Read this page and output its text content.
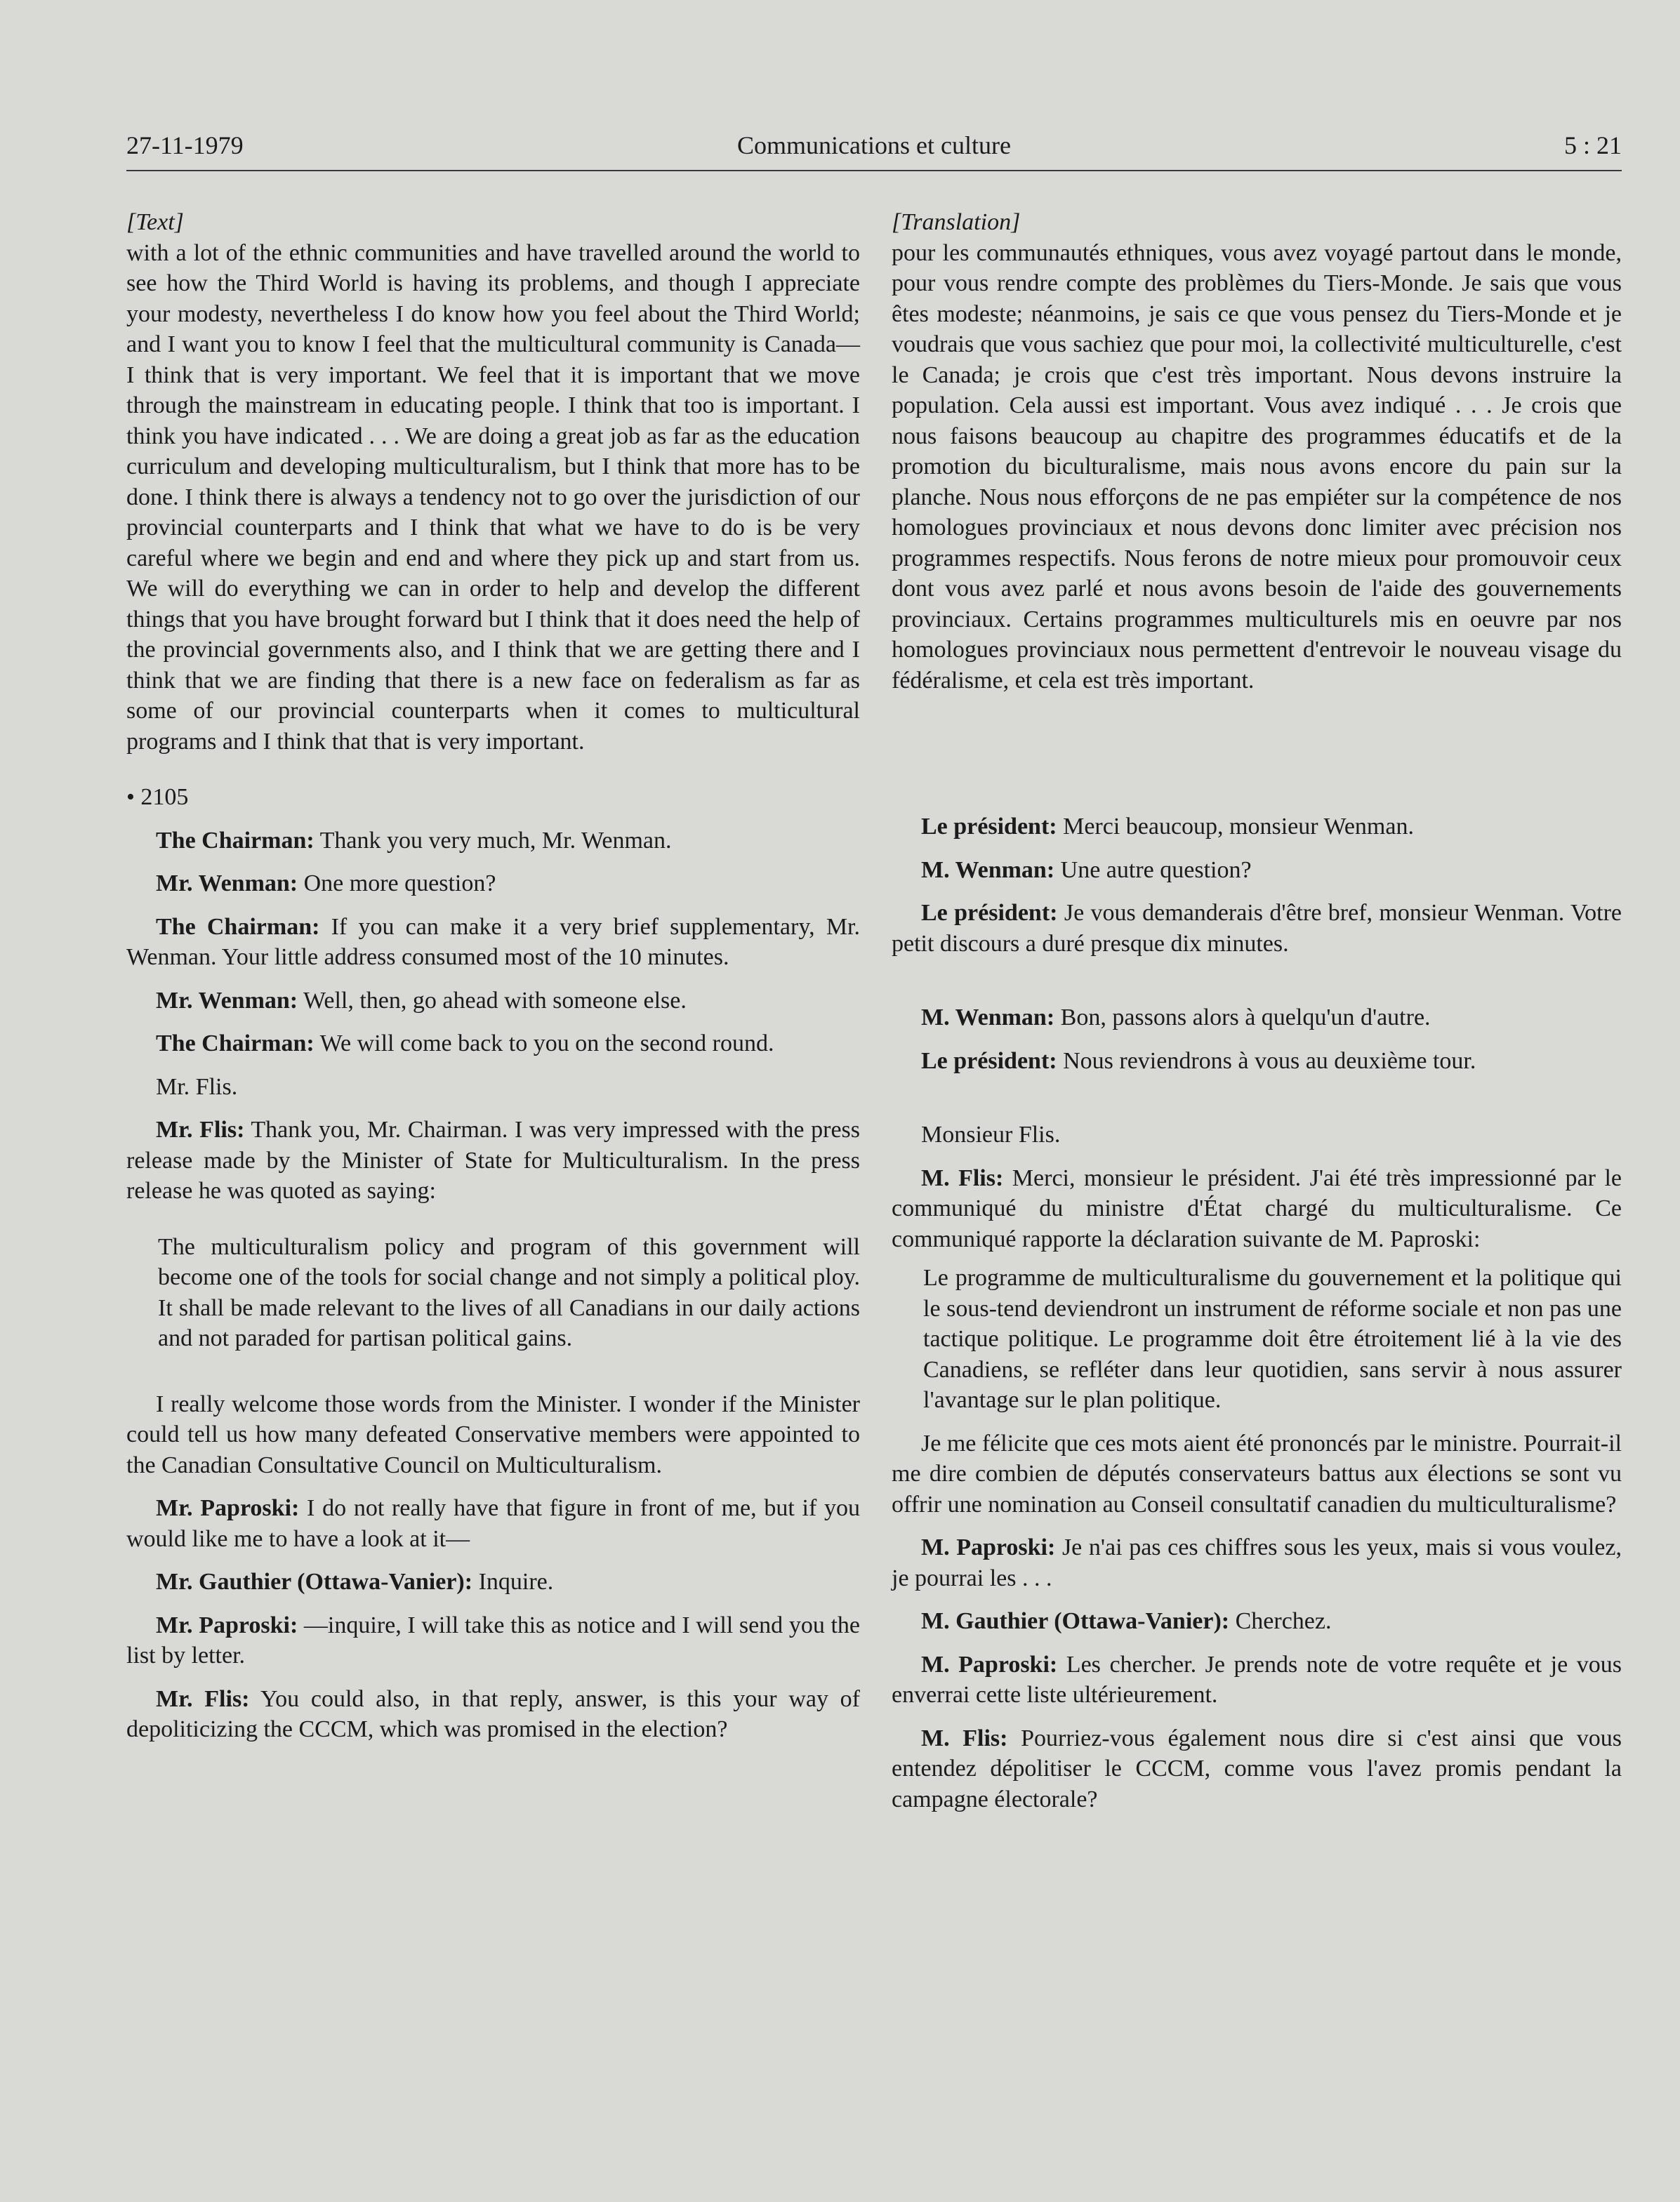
27-11-1979	Communications et culture	5 : 21

[Text]

with a lot of the ethnic communities and have travelled around the world to see how the Third World is having its problems, and though I appreciate your modesty, nevertheless I do know how you feel about the Third World; and I want you to know I feel that the multicultural community is Canada—I think that is very important. We feel that it is important that we move through the mainstream in educating people. I think that too is important. I think you have indicated . . . We are doing a great job as far as the education curriculum and developing multiculturalism, but I think that more has to be done. I think there is always a tendency not to go over the jurisdiction of our provincial counterparts and I think that what we have to do is be very careful where we begin and end and where they pick up and start from us. We will do everything we can in order to help and develop the different things that you have brought forward but I think that it does need the help of the provincial governments also, and I think that we are getting there and I think that we are finding that there is a new face on federalism as far as some of our provincial counterparts when it comes to multicultural programs and I think that that is very important.

• 2105

The Chairman: Thank you very much, Mr. Wenman.

Mr. Wenman: One more question?

The Chairman: If you can make it a very brief supplementary, Mr. Wenman. Your little address consumed most of the 10 minutes.

Mr. Wenman: Well, then, go ahead with someone else.

The Chairman: We will come back to you on the second round.

Mr. Flis.

Mr. Flis: Thank you, Mr. Chairman. I was very impressed with the press release made by the Minister of State for Multiculturalism. In the press release he was quoted as saying:

The multiculturalism policy and program of this government will become one of the tools for social change and not simply a political ploy. It shall be made relevant to the lives of all Canadians in our daily actions and not paraded for partisan political gains.

I really welcome those words from the Minister. I wonder if the Minister could tell us how many defeated Conservative members were appointed to the Canadian Consultative Council on Multiculturalism.

Mr. Paproski: I do not really have that figure in front of me, but if you would like me to have a look at it—

Mr. Gauthier (Ottawa-Vanier): Inquire.

Mr. Paproski: —inquire, I will take this as notice and I will send you the list by letter.

Mr. Flis: You could also, in that reply, answer, is this your way of depoliticizing the CCCM, which was promised in the election?

[Translation]

pour les communautés ethniques, vous avez voyagé partout dans le monde, pour vous rendre compte des problèmes du Tiers-Monde. Je sais que vous êtes modeste; néanmoins, je sais ce que vous pensez du Tiers-Monde et je voudrais que vous sachiez que pour moi, la collectivité multiculturelle, c'est le Canada; je crois que c'est très important. Nous devons instruire la population. Cela aussi est important. Vous avez indiqué . . . Je crois que nous faisons beaucoup au chapitre des programmes éducatifs et de la promotion du biculturalisme, mais nous avons encore du pain sur la planche. Nous nous efforçons de ne pas empiéter sur la compétence de nos homologues provinciaux et nous devons donc limiter avec précision nos programmes respectifs. Nous ferons de notre mieux pour promouvoir ceux dont vous avez parlé et nous avons besoin de l'aide des gouvernements provinciaux. Certains programmes multiculturels mis en oeuvre par nos homologues provinciaux nous permettent d'entrevoir le nouveau visage du fédéralisme, et cela est très important.

Le président: Merci beaucoup, monsieur Wenman.

M. Wenman: Une autre question?

Le président: Je vous demanderais d'être bref, monsieur Wenman. Votre petit discours a duré presque dix minutes.

M. Wenman: Bon, passons alors à quelqu'un d'autre.

Le président: Nous reviendrons à vous au deuxième tour.

Monsieur Flis.

M. Flis: Merci, monsieur le président. J'ai été très impressionné par le communiqué du ministre d'État chargé du multiculturalisme. Ce communiqué rapporte la déclaration suivante de M. Paproski:

Le programme de multiculturalisme du gouvernement et la politique qui le sous-tend deviendront un instrument de réforme sociale et non pas une tactique politique. Le programme doit être étroitement lié à la vie des Canadiens, se refléter dans leur quotidien, sans servir à nous assurer l'avantage sur le plan politique.

Je me félicite que ces mots aient été prononcés par le ministre. Pourrait-il me dire combien de députés conservateurs battus aux élections se sont vu offrir une nomination au Conseil consultatif canadien du multiculturalisme?

M. Paproski: Je n'ai pas ces chiffres sous les yeux, mais si vous voulez, je pourrai les . . .

M. Gauthier (Ottawa-Vanier): Cherchez.

M. Paproski: Les chercher. Je prends note de votre requête et je vous enverrai cette liste ultérieurement.

M. Flis: Pourriez-vous également nous dire si c'est ainsi que vous entendez dépolitiser le CCCM, comme vous l'avez promis pendant la campagne électorale?
